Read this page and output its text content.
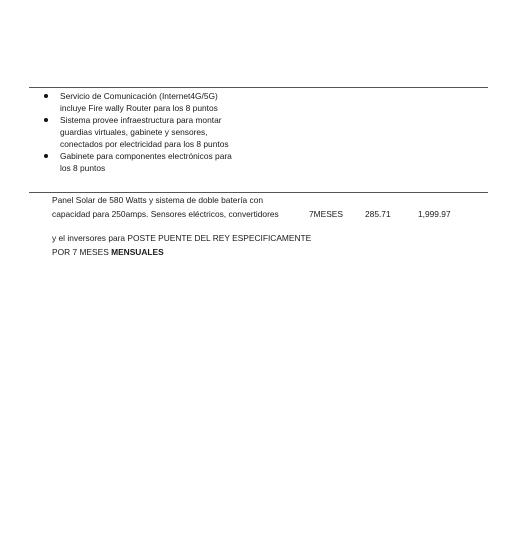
Servicio de Comunicación (Internet4G/5G)
incluye Fire wally Router para los 8 puntos
Sistema provee infraestructura para montar
guardias virtuales, gabinete y sensores,
conectados por electricidad para los 8 puntos
Gabinete para componentes electrónicos para
los 8 puntos
Panel Solar de 580 Watts y sistema de doble batería con
capacidad para 250amps. Sensores eléctricos, convertidores	7MESES	285.71	1,999.97
y el inversores para POSTE PUENTE DEL REY ESPECIFICAMENTE
POR 7 MESES MENSUALES
